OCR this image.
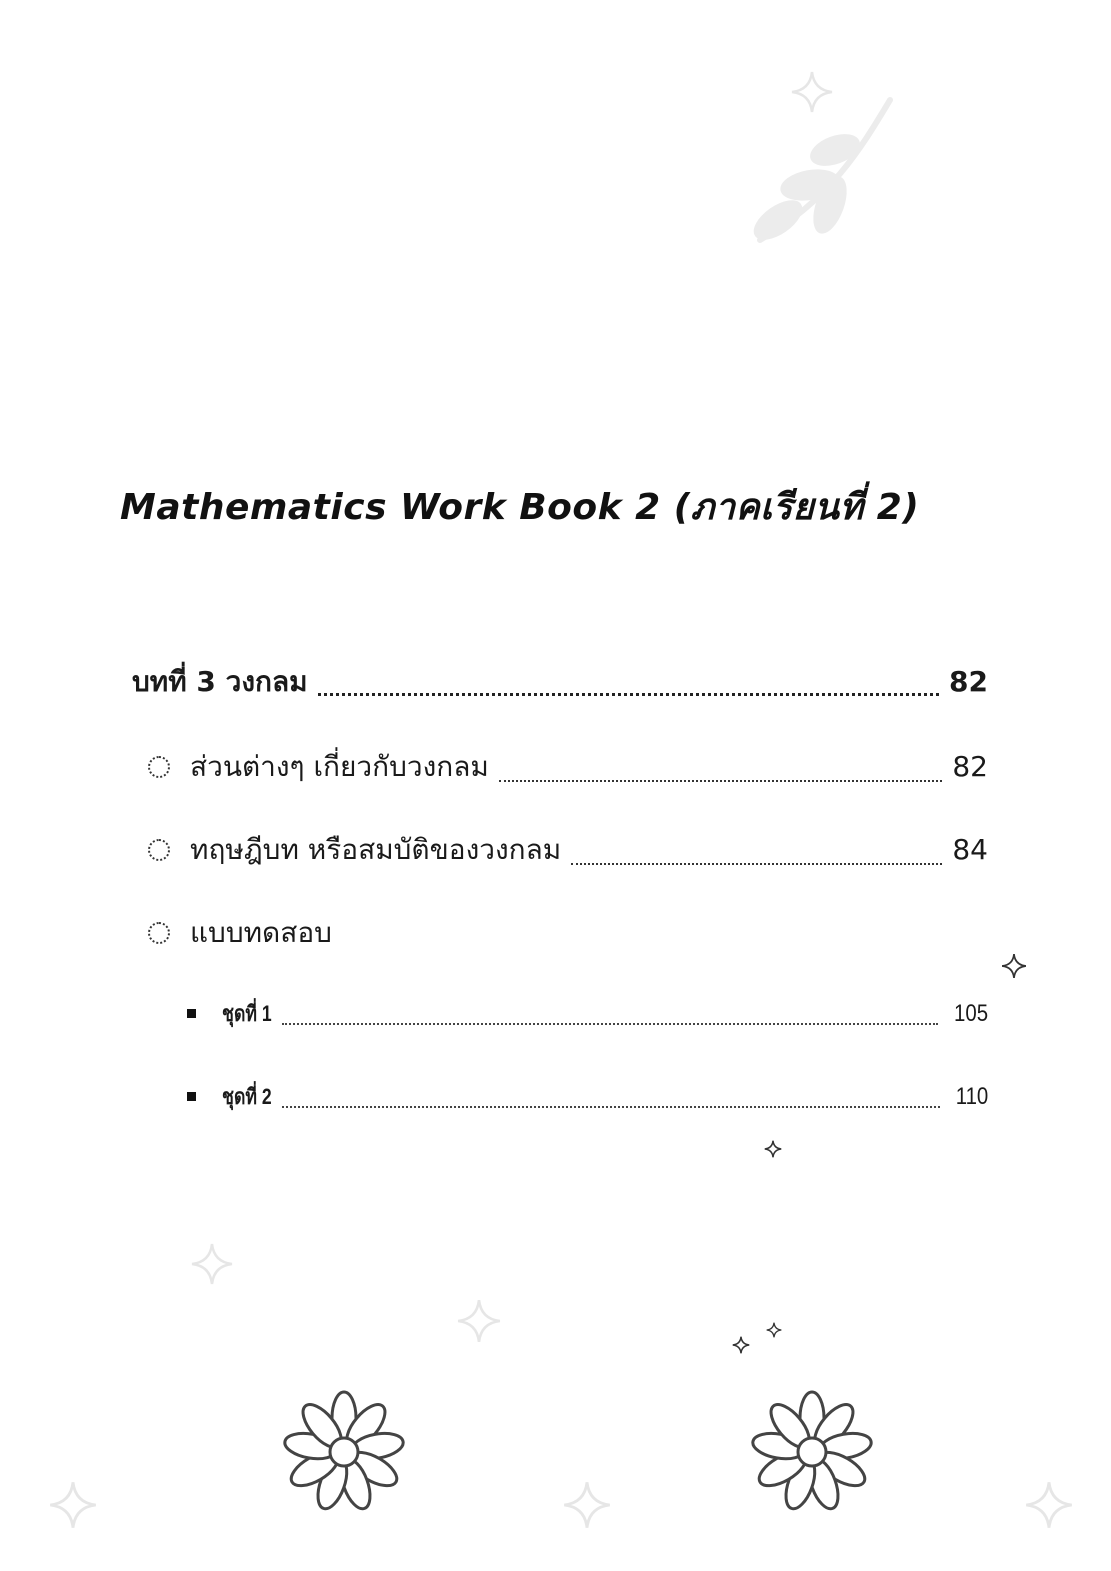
Mathematics Work Book 2 (ภาคเรียนที่ 2)
บทที่ 3 วงกลม	82
ส่วนต่างๆ เกี่ยวกับวงกลม	82
ทฤษฎีบท หรือสมบัติของวงกลม	84
แบบทดสอบ
ชุดที่ 1	105
ชุดที่ 2	110
